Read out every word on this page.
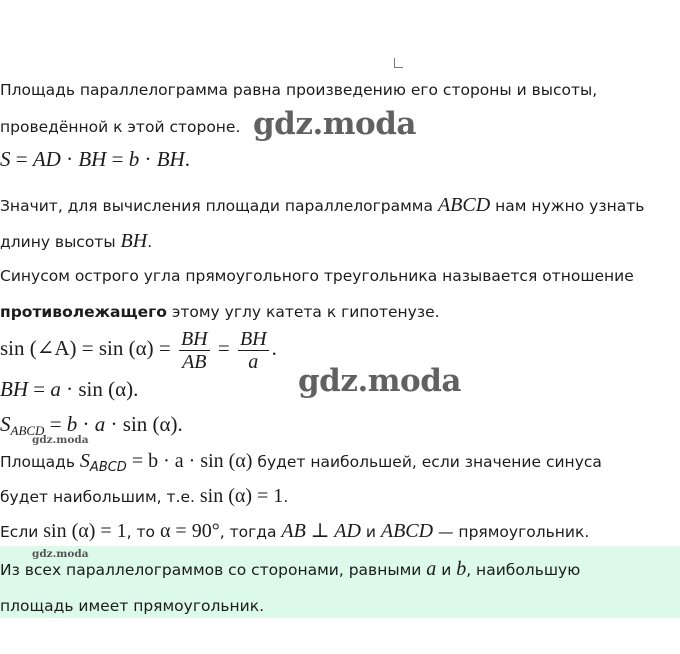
Площадь параллелограмма равна произведению его стороны и высоты,
проведённой к этой стороне.
S = AD · BH = b · BH.
Значит, для вычисления площади параллелограмма ABCD нам нужно узнать
длину высоты BH.
Синусом острого угла прямоугольного треугольника называется отношение
противолежащего этому углу катета к гипотенузе.
sin (∠A) = $\sin (\alpha) = \frac{BH}{AB} = \frac{BH}{a}$ .
BH = a · sin (α).
$S_{ABCD} = b \cdot a \cdot \sin (\alpha)$.
Площадь $S_{ABCD} = b \cdot a \cdot \sin (\alpha)$ будет наибольшей, если значение синуса
будет наибольшим, т.е. sin (α) = 1.
Если sin (α) = 1, то α = 90°, тогда AB ⊥ AD и ABCD — прямоугольник.
Из всех параллелограммов со сторонами, равными a и b, наибольшую
площадь имеет прямоугольник.
gdz.moda
gdz.moda
gdz.moda
gdz.moda
